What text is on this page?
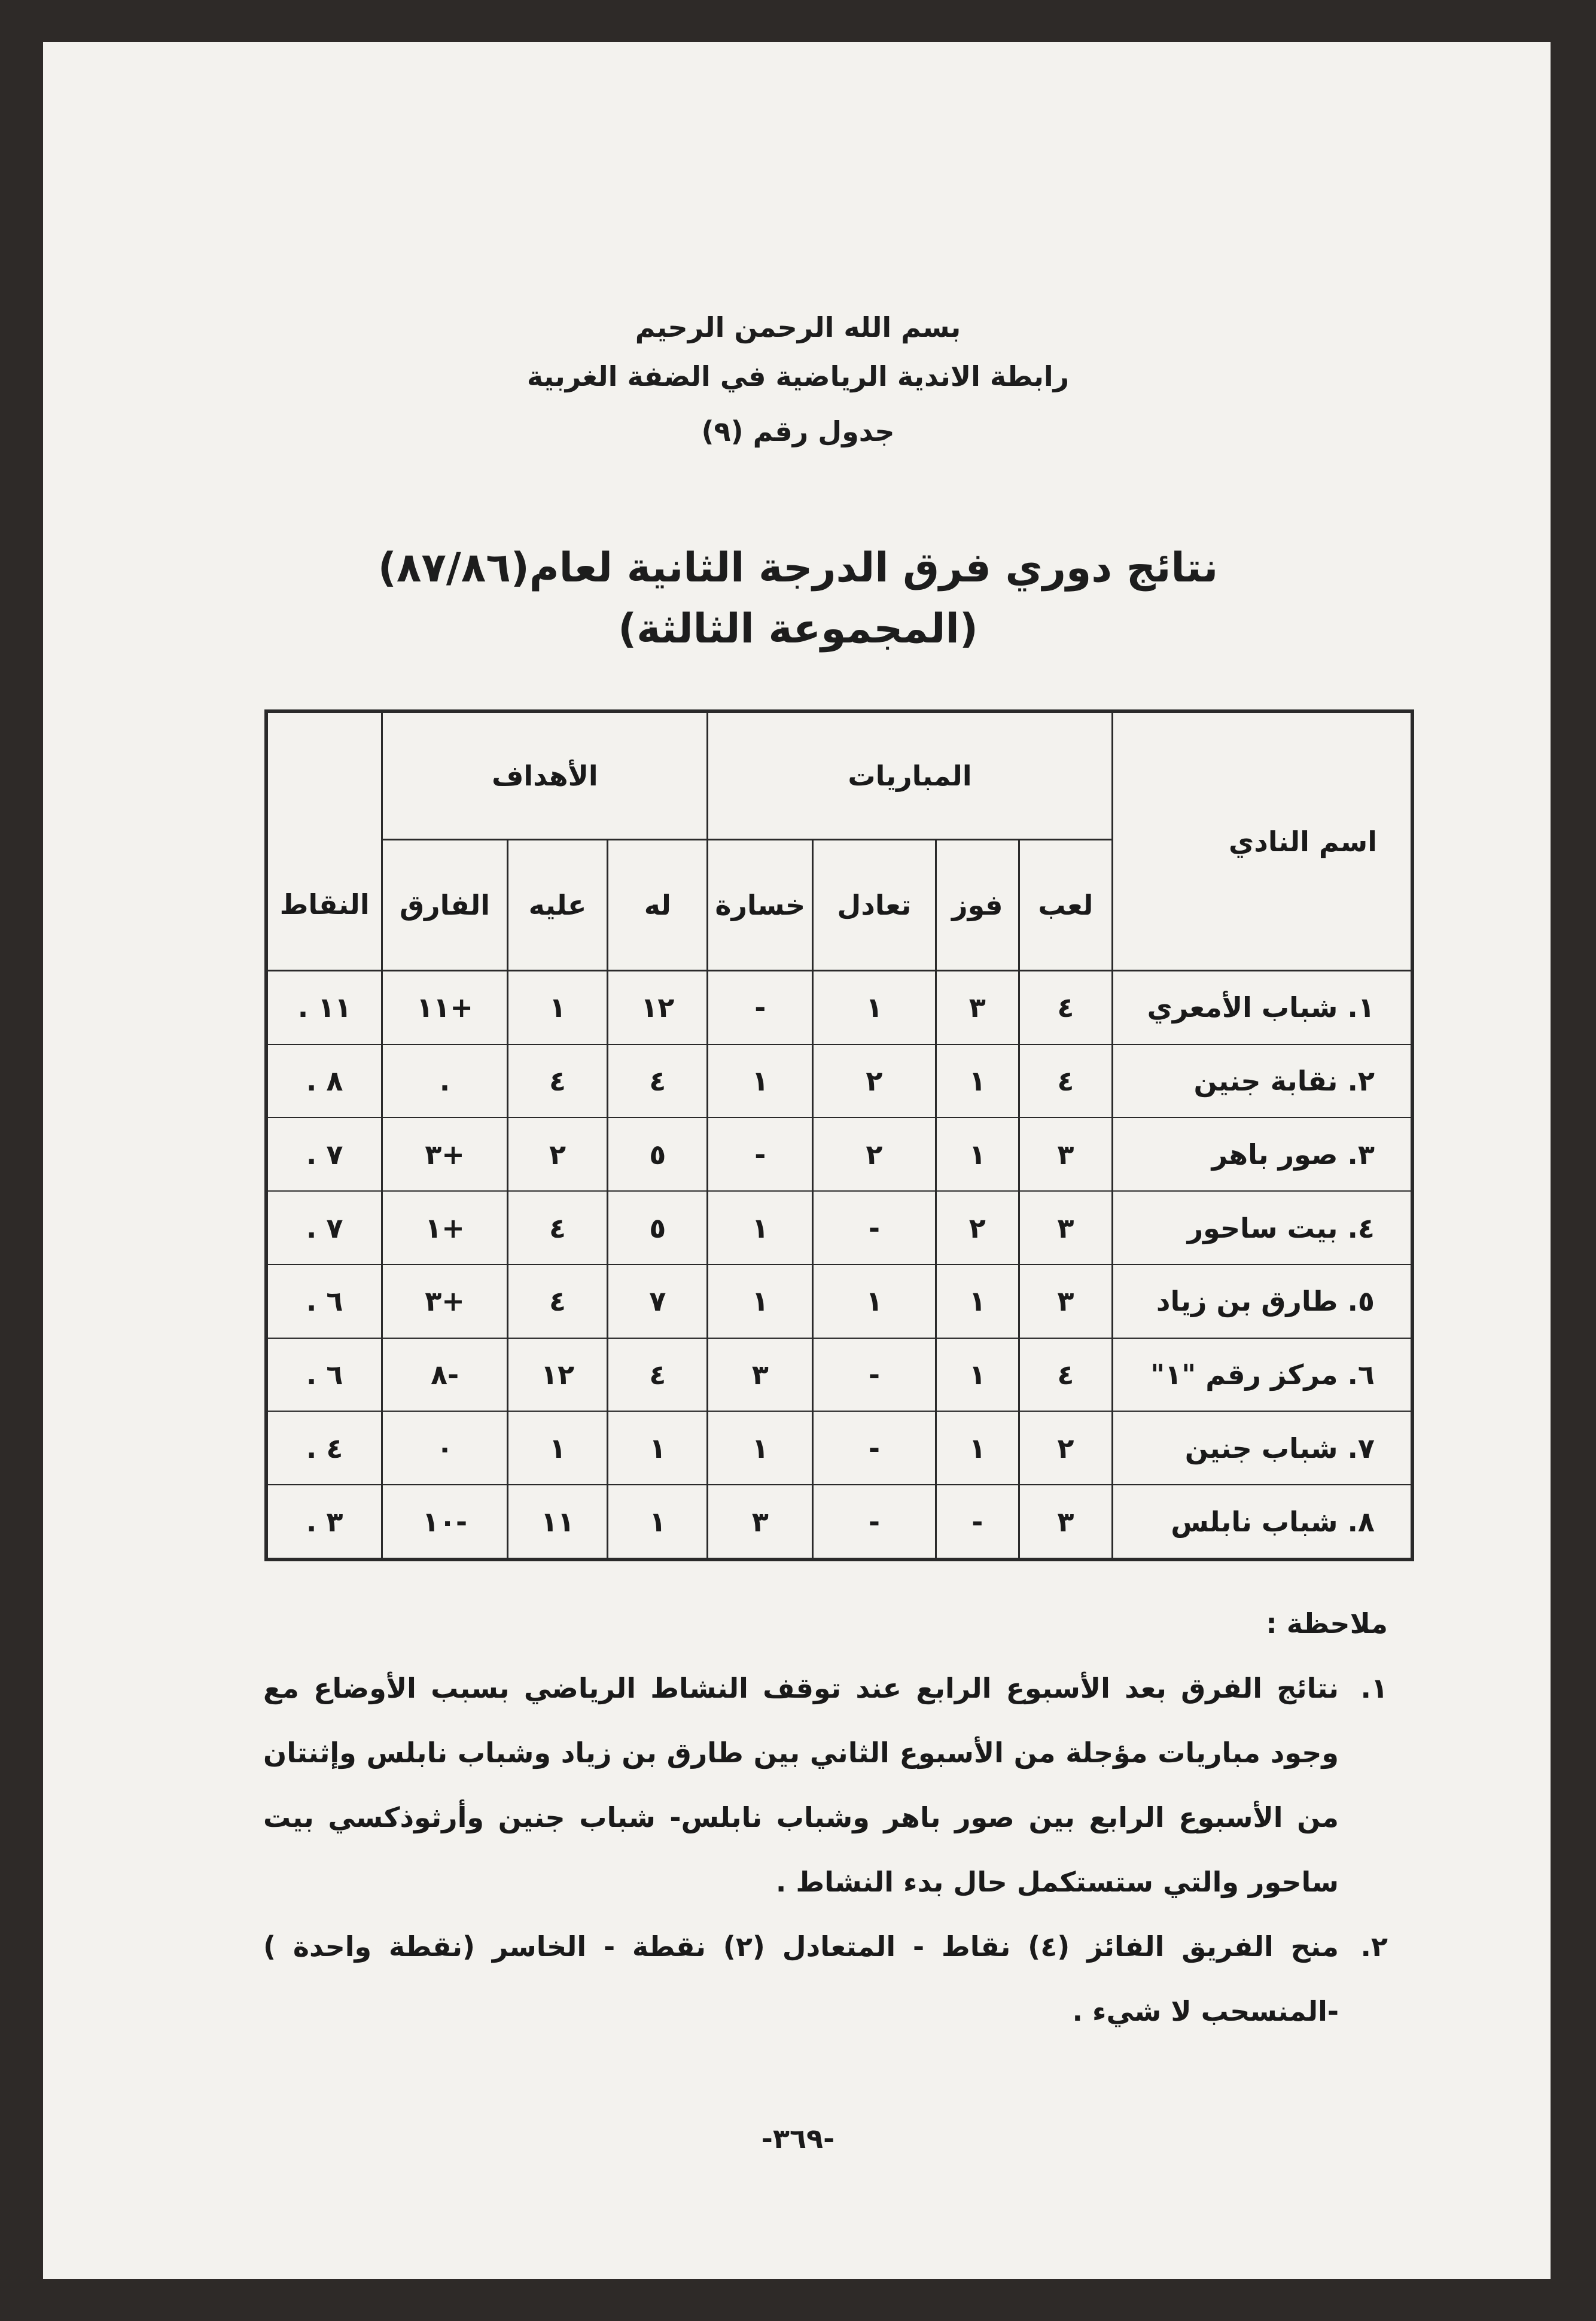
بسم الله الرحمن الرحيم

رابطة الاندية الرياضية في الضفة الغربية

جدول رقم (٩)

نتائج دوري فرق الدرجة الثانية لعام(٨٧/٨٦)

(المجموعة الثالثة)

اسم النادي	المباريات				الأهداف			
	لعب	فوز	تعادل	خسارة	له	عليه	الفارق	النقاط
١. شباب الأمعري	٤	٣	١	-	١٢	١	+١١	١١ .
٢. نقابة جنين	٤	١	٢	١	٤	٤	.	٨ .
٣. صور باهر	٣	١	٢	-	٥	٢	+٣	٧ .
٤. بيت ساحور	٣	٢	-	١	٥	٤	+١	٧ .
٥. طارق بن زياد	٣	١	١	١	٧	٤	+٣	٦ .
٦. مركز رقم "١"	٤	١	-	٣	٤	١٢	-٨	٦ .
٧. شباب جنين	٢	١	-	١	١	١	٠	٤ .
٨. شباب نابلس	٣	-	-	٣	١	١١	-١٠	٣ .

ملاحظة :

١.
نتائج الفرق بعد الأسبوع الرابع عند توقف النشاط الرياضي بسبب الأوضاع مع وجود مباريات مؤجلة من الأسبوع الثاني بين طارق بن زياد وشباب نابلس وإثنتان من الأسبوع الرابع بين صور باهر وشباب نابلس- شباب جنين وأرثوذكسي بيت ساحور والتي ستستكمل حال بدء النشاط .
٢.
منح الفريق الفائز (٤) نقاط - المتعادل (٢) نقطة - الخاسر (نقطة واحدة ) -المنسحب لا شيء .
-٣٦٩-
